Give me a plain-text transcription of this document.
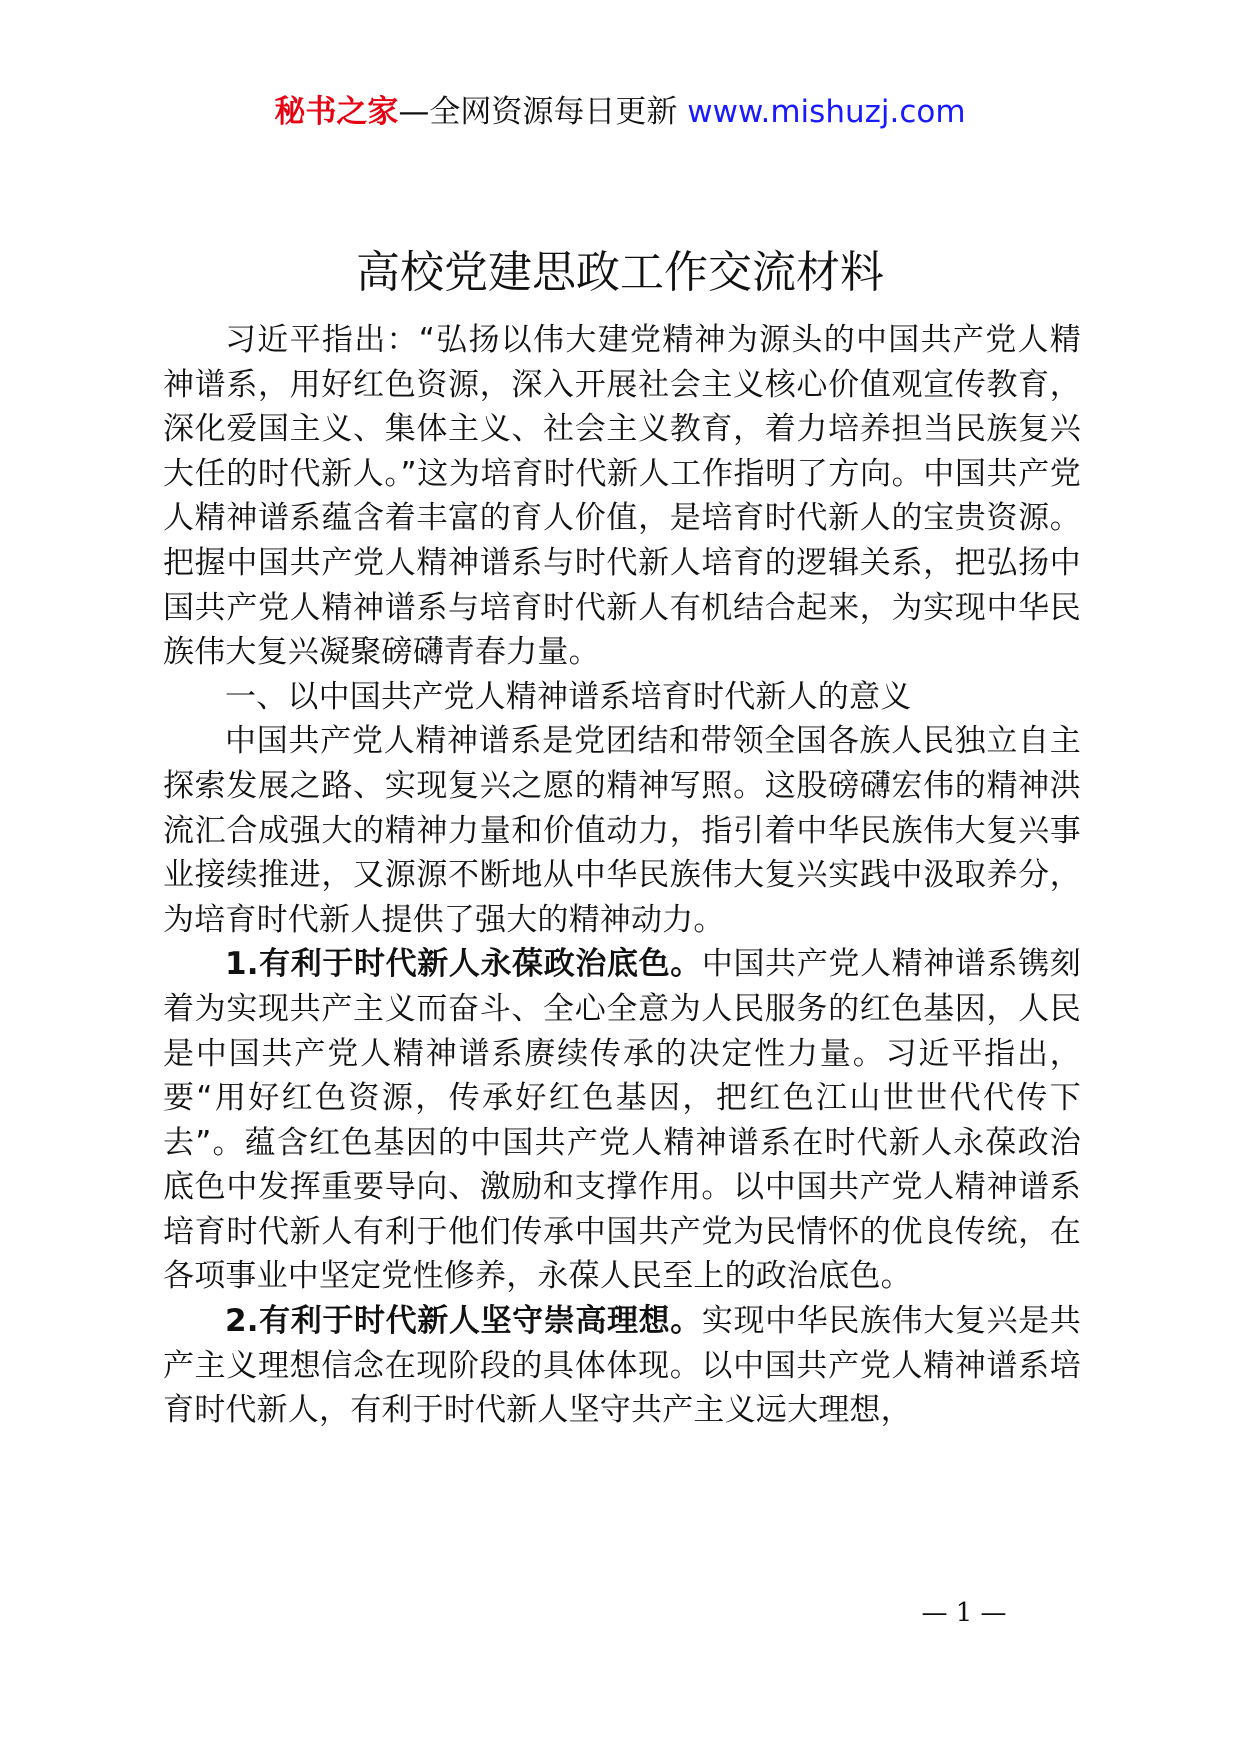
秘书之家—全网资源每日更新 www.mishuzj.com
高校党建思政工作交流材料

习近平指出：“弘扬以伟大建党精神为源头的中国共产党人精神谱系，用好红色资源，深入开展社会主义核心价值观宣传教育，深化爱国主义、集体主义、社会主义教育，着力培养担当民族复兴大任的时代新人。”这为培育时代新人工作指明了方向。中国共产党人精神谱系蕴含着丰富的育人价值，是培育时代新人的宝贵资源。把握中国共产党人精神谱系与时代新人培育的逻辑关系，把弘扬中国共产党人精神谱系与培育时代新人有机结合起来，为实现中华民族伟大复兴凝聚磅礴青春力量。

一、以中国共产党人精神谱系培育时代新人的意义

中国共产党人精神谱系是党团结和带领全国各族人民独立自主探索发展之路、实现复兴之愿的精神写照。这股磅礴宏伟的精神洪流汇合成强大的精神力量和价值动力，指引着中华民族伟大复兴事业接续推进，又源源不断地从中华民族伟大复兴实践中汲取养分，为培育时代新人提供了强大的精神动力。

1.有利于时代新人永葆政治底色。中国共产党人精神谱系镌刻着为实现共产主义而奋斗、全心全意为人民服务的红色基因，人民是中国共产党人精神谱系赓续传承的决定性力量。习近平指出，要“用好红色资源，传承好红色基因，把红色江山世世代代传下去”。蕴含红色基因的中国共产党人精神谱系在时代新人永葆政治底色中发挥重要导向、激励和支撑作用。以中国共产党人精神谱系培育时代新人有利于他们传承中国共产党为民情怀的优良传统，在各项事业中坚定党性修养，永葆人民至上的政治底色。

2.有利于时代新人坚守崇高理想。实现中华民族伟大复兴是共产主义理想信念在现阶段的具体体现。以中国共产党人精神谱系培育时代新人，有利于时代新人坚守共产主义远大理想，

— 1 —
